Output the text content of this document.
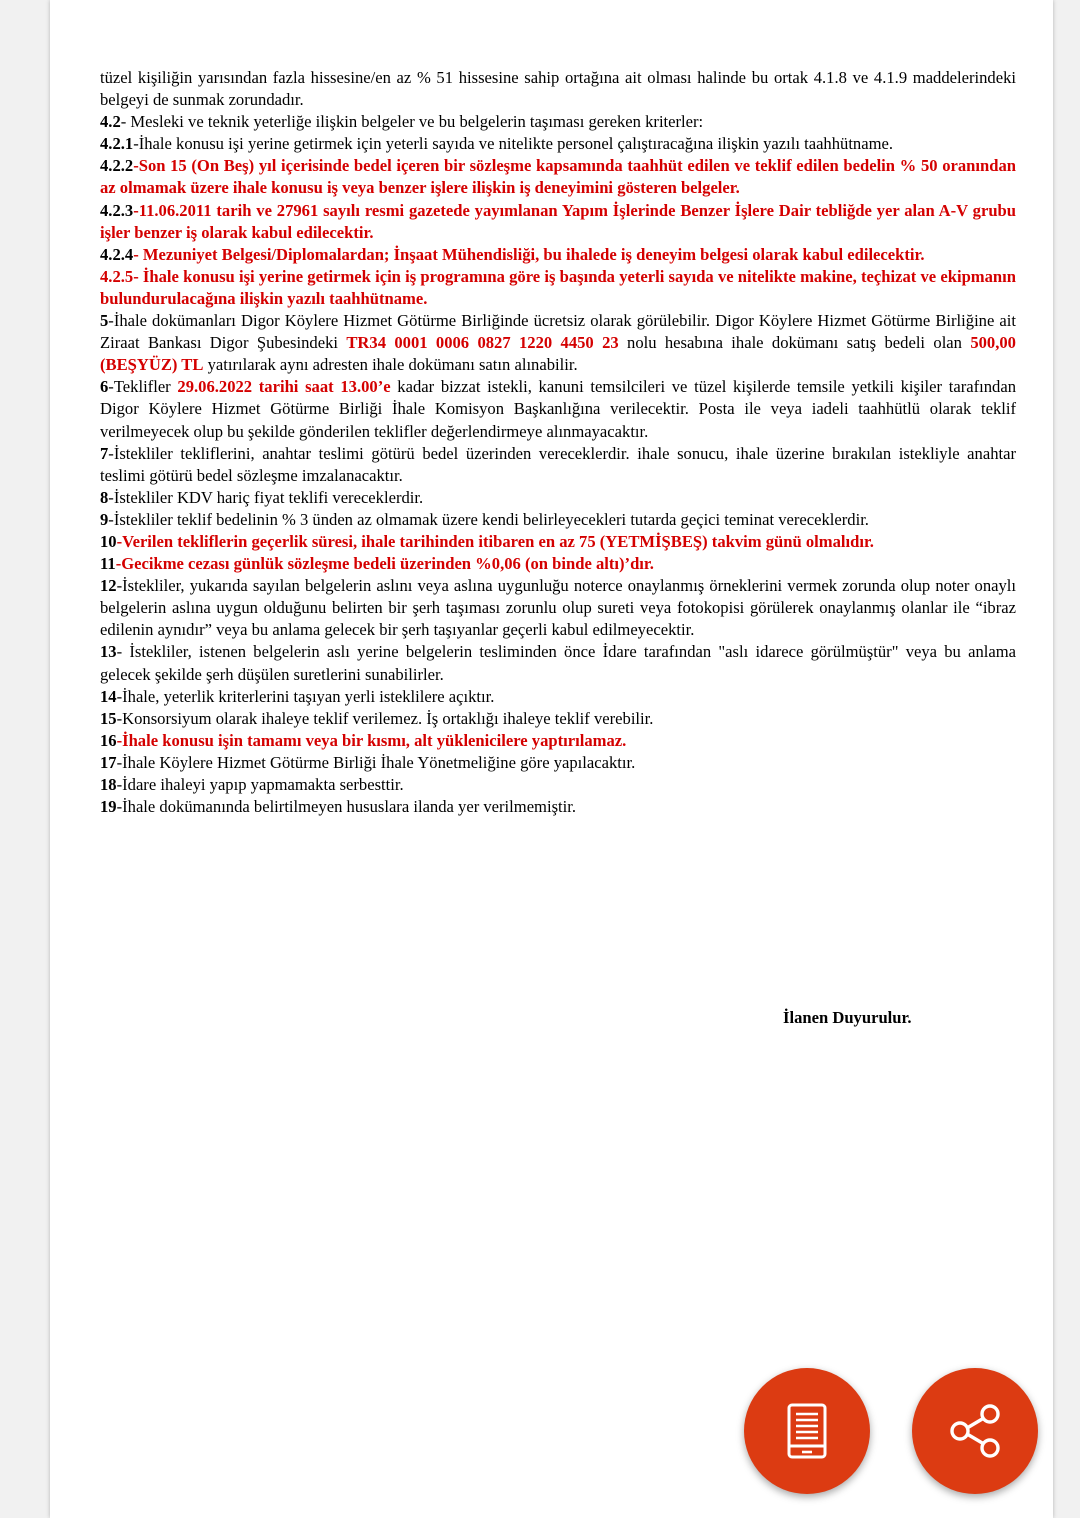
tüzel kişiliğin yarısından fazla hissesine/en az % 51 hissesine sahip ortağına ait olması halinde bu ortak 4.1.8 ve 4.1.9 maddelerindeki belgeyi de sunmak zorundadır.

4.2- Mesleki ve teknik yeterliğe ilişkin belgeler ve bu belgelerin taşıması gereken kriterler:

4.2.1-İhale konusu işi yerine getirmek için yeterli sayıda ve nitelikte personel çalıştıracağına ilişkin yazılı taahhütname.

4.2.2-Son 15 (On Beş) yıl içerisinde bedel içeren bir sözleşme kapsamında taahhüt edilen ve teklif edilen bedelin % 50 oranından az olmamak üzere ihale konusu iş veya benzer işlere ilişkin iş deneyimini gösteren belgeler.

4.2.3-11.06.2011 tarih ve 27961 sayılı resmi gazetede yayımlanan Yapım İşlerinde Benzer İşlere Dair tebliğde yer alan A-V grubu işler benzer iş olarak kabul edilecektir.

4.2.4- Mezuniyet Belgesi/Diplomalardan; İnşaat Mühendisliği, bu ihalede iş deneyim belgesi olarak kabul edilecektir.

4.2.5- İhale konusu işi yerine getirmek için iş programına göre iş başında yeterli sayıda ve nitelikte makine, teçhizat ve ekipmanın bulundurulacağına ilişkin yazılı taahhütname.

5-İhale dokümanları Digor Köylere Hizmet Götürme Birliğinde ücretsiz olarak görülebilir. Digor Köylere Hizmet Götürme Birliğine ait Ziraat Bankası Digor Şubesindeki TR34 0001 0006 0827 1220 4450 23 nolu hesabına ihale dokümanı satış bedeli olan 500,00 (BEŞYÜZ) TL yatırılarak aynı adresten ihale dokümanı satın alınabilir.

6-Teklifler 29.06.2022 tarihi saat 13.00’e kadar bizzat istekli, kanuni temsilcileri ve tüzel kişilerde temsile yetkili kişiler tarafından Digor Köylere Hizmet Götürme Birliği İhale Komisyon Başkanlığına verilecektir. Posta ile veya iadeli taahhütlü olarak teklif verilmeyecek olup bu şekilde gönderilen teklifler değerlendirmeye alınmayacaktır.

7-İstekliler tekliflerini, anahtar teslimi götürü bedel üzerinden vereceklerdir. ihale sonucu, ihale üzerine bırakılan istekliyle anahtar teslimi götürü bedel sözleşme imzalanacaktır.

8-İstekliler KDV hariç fiyat teklifi vereceklerdir.

9-İstekliler teklif bedelinin % 3 ünden az olmamak üzere kendi belirleyecekleri tutarda geçici teminat vereceklerdir.

10-Verilen tekliflerin geçerlik süresi, ihale tarihinden itibaren en az 75 (YETMİŞBEŞ) takvim günü olmalıdır.

11-Gecikme cezası günlük sözleşme bedeli üzerinden %0,06 (on binde altı)’dır.

12-İstekliler, yukarıda sayılan belgelerin aslını veya aslına uygunluğu noterce onaylanmış örneklerini vermek zorunda olup noter onaylı belgelerin aslına uygun olduğunu belirten bir şerh taşıması zorunlu olup sureti veya fotokopisi görülerek onaylanmış olanlar ile “ibraz edilenin aynıdır” veya bu anlama gelecek bir şerh taşıyanlar geçerli kabul edilmeyecektir.

13- İstekliler, istenen belgelerin aslı yerine belgelerin tesliminden önce İdare tarafından "aslı idarece görülmüştür" veya bu anlama gelecek şekilde şerh düşülen suretlerini sunabilirler.

14-İhale, yeterlik kriterlerini taşıyan yerli isteklilere açıktır.

15-Konsorsiyum olarak ihaleye teklif verilemez. İş ortaklığı ihaleye teklif verebilir.

16-İhale konusu işin tamamı veya bir kısmı, alt yüklenicilere yaptırılamaz.

17-İhale Köylere Hizmet Götürme Birliği İhale Yönetmeliğine göre yapılacaktır.

18-İdare ihaleyi yapıp yapmamakta serbesttir.

19-İhale dokümanında belirtilmeyen hususlara ilanda yer verilmemiştir.

İlanen Duyurulur.
